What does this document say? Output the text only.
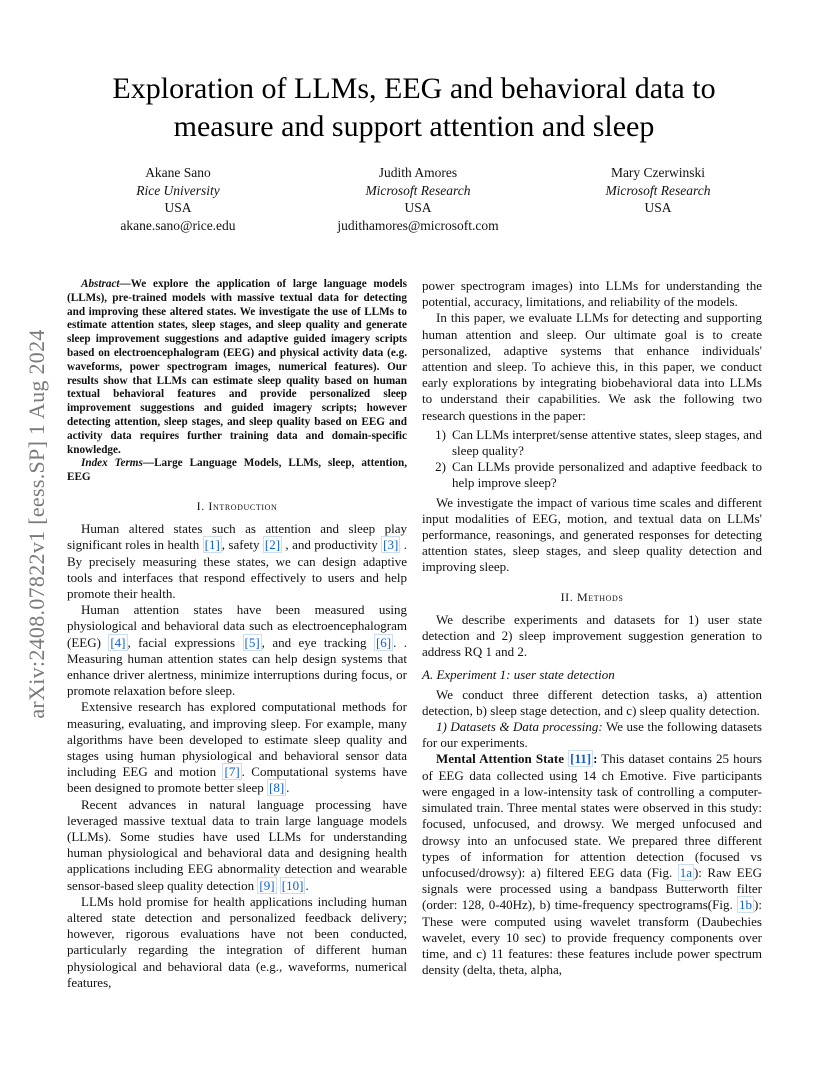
arXiv:2408.07822v1 [eess.SP] 1 Aug 2024
Exploration of LLMs, EEG and behavioral data to measure and support attention and sleep
Akane Sano
Rice University
USA
akane.sano@rice.edu
Judith Amores
Microsoft Research
USA
judithamores@microsoft.com
Mary Czerwinski
Microsoft Research
USA

Abstract—We explore the application of large language models (LLMs), pre-trained models with massive textual data for detecting and improving these altered states. We investigate the use of LLMs to estimate attention states, sleep stages, and sleep quality and generate sleep improvement suggestions and adaptive guided imagery scripts based on electroencephalogram (EEG) and physical activity data (e.g. waveforms, power spectrogram images, numerical features). Our results show that LLMs can estimate sleep quality based on human textual behavioral features and provide personalized sleep improvement suggestions and guided imagery scripts; however detecting attention, sleep stages, and sleep quality based on EEG and activity data requires further training data and domain-specific knowledge.

Index Terms—Large Language Models, LLMs, sleep, attention, EEG

I. Introduction

Human altered states such as attention and sleep play significant roles in health [1] , safety [2] , and productivity [3] . By precisely measuring these states, we can design adaptive tools and interfaces that respond effectively to users and help promote their health.

Human attention states have been measured using physiological and behavioral data such as electroencephalogram (EEG) [4] , facial expressions [5] , and eye tracking [6] . . Measuring human attention states can help design systems that enhance driver alertness, minimize interruptions during focus, or promote relaxation before sleep.

Extensive research has explored computational methods for measuring, evaluating, and improving sleep. For example, many algorithms have been developed to estimate sleep quality and stages using human physiological and behavioral sensor data including EEG and motion [7] . Computational systems have been designed to promote better sleep [8] .

Recent advances in natural language processing have leveraged massive textual data to train large language models (LLMs). Some studies have used LLMs for understanding human physiological and behavioral data and designing health applications including EEG abnormality detection and wearable sensor-based sleep quality detection [9] [10] .

LLMs hold promise for health applications including human altered state detection and personalized feedback delivery; however, rigorous evaluations have not been conducted, particularly regarding the integration of different human physiological and behavioral data (e.g., waveforms, numerical features,

power spectrogram images) into LLMs for understanding the potential, accuracy, limitations, and reliability of the models.

In this paper, we evaluate LLMs for detecting and supporting human attention and sleep. Our ultimate goal is to create personalized, adaptive systems that enhance individuals' attention and sleep. To achieve this, in this paper, we conduct early explorations by integrating biobehavioral data into LLMs to understand their capabilities. We ask the following two research questions in the paper:

1) Can LLMs interpret/sense attentive states, sleep stages, and sleep quality?
2) Can LLMs provide personalized and adaptive feedback to help improve sleep?

We investigate the impact of various time scales and different input modalities of EEG, motion, and textual data on LLMs' performance, reasonings, and generated responses for detecting attention states, sleep stages, and sleep quality detection and improving sleep.

II. Methods

We describe experiments and datasets for 1) user state detection and 2) sleep improvement suggestion generation to address RQ 1 and 2.

A. Experiment 1: user state detection

We conduct three different detection tasks, a) attention detection, b) sleep stage detection, and c) sleep quality detection.

1) Datasets & Data processing: We use the following datasets for our experiments.

Mental Attention State [11] : This dataset contains 25 hours of EEG data collected using 14 ch Emotive. Five participants were engaged in a low-intensity task of controlling a computer-simulated train. Three mental states were observed in this study: focused, unfocused, and drowsy. We merged unfocused and drowsy into an unfocused state. We prepared three different types of information for attention detection (focused vs unfocused/drowsy): a) filtered EEG data (Fig. 1a ): Raw EEG signals were processed using a bandpass Butterworth filter (order: 128, 0-40Hz), b) time-frequency spectrograms(Fig. 1b ): These were computed using wavelet transform (Daubechies wavelet, every 10 sec) to provide frequency components over time, and c) 11 features: these features include power spectrum density (delta, theta, alpha,
